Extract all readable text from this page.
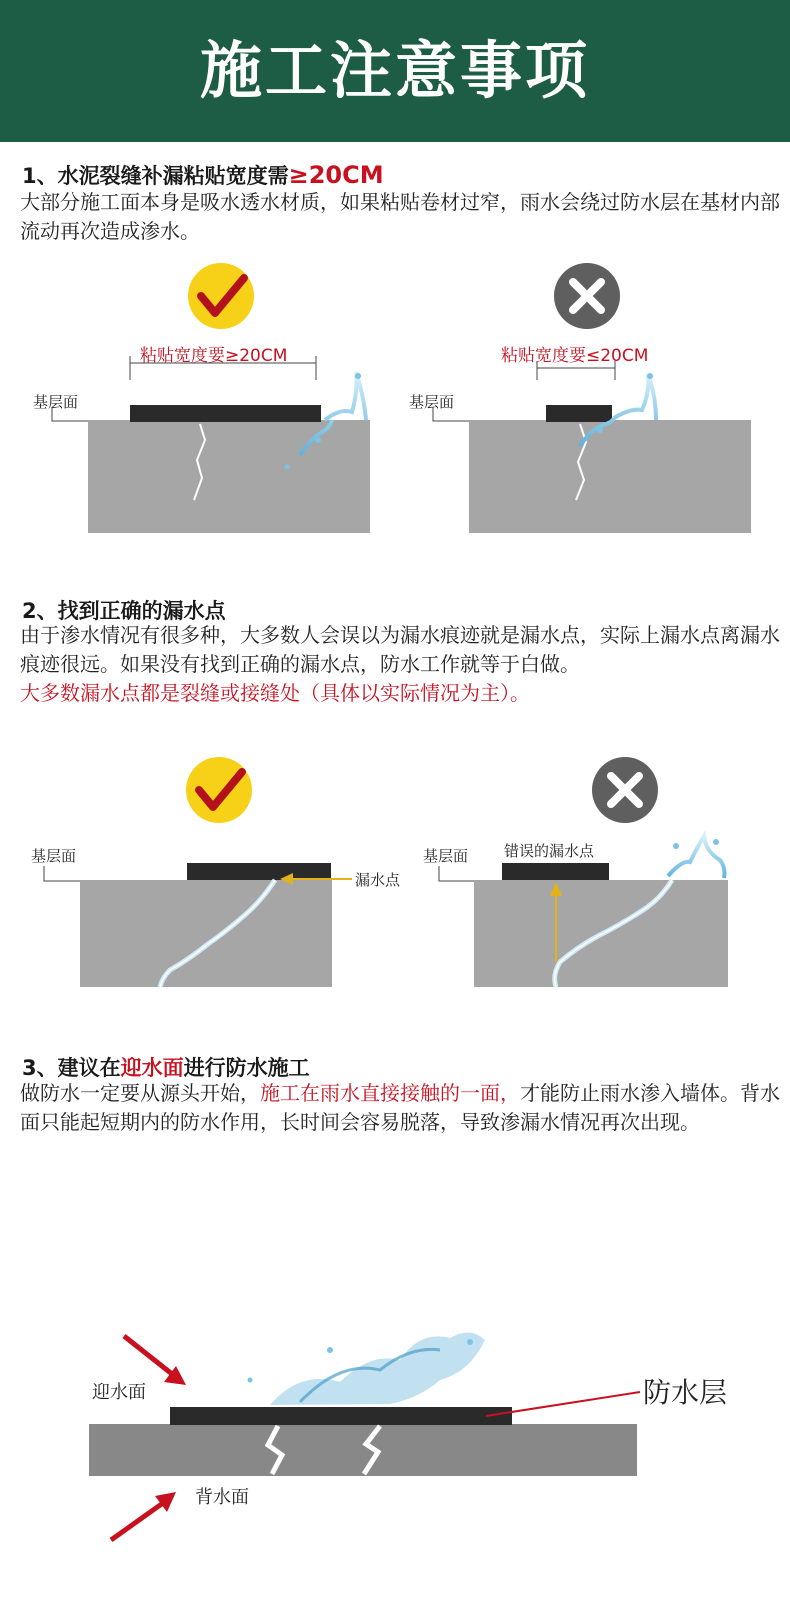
施工注意事项
1、水泥裂缝补漏粘贴宽度需≥20CM
大部分施工面本身是吸水透水材质，如果粘贴卷材过窄，雨水会绕过防水层在基材内部流动再次造成渗水。
粘贴宽度要≥20CM	粘贴宽度要≤20CM
基层面	基层面
2、找到正确的漏水点
由于渗水情况有很多种，大多数人会误以为漏水痕迹就是漏水点，实际上漏水点离漏水痕迹很远。如果没有找到正确的漏水点，防水工作就等于白做。
大多数漏水点都是裂缝或接缝处（具体以实际情况为主）。
基层面
漏水点
基层面 错误的漏水点
3、建议在迎水面进行防水施工
做防水一定要从源头开始，施工在雨水直接接触的一面，才能防止雨水渗入墙体。背水面只能起短期内的防水作用，长时间会容易脱落，导致渗漏水情况再次出现。
迎水面
背水面
防水层
